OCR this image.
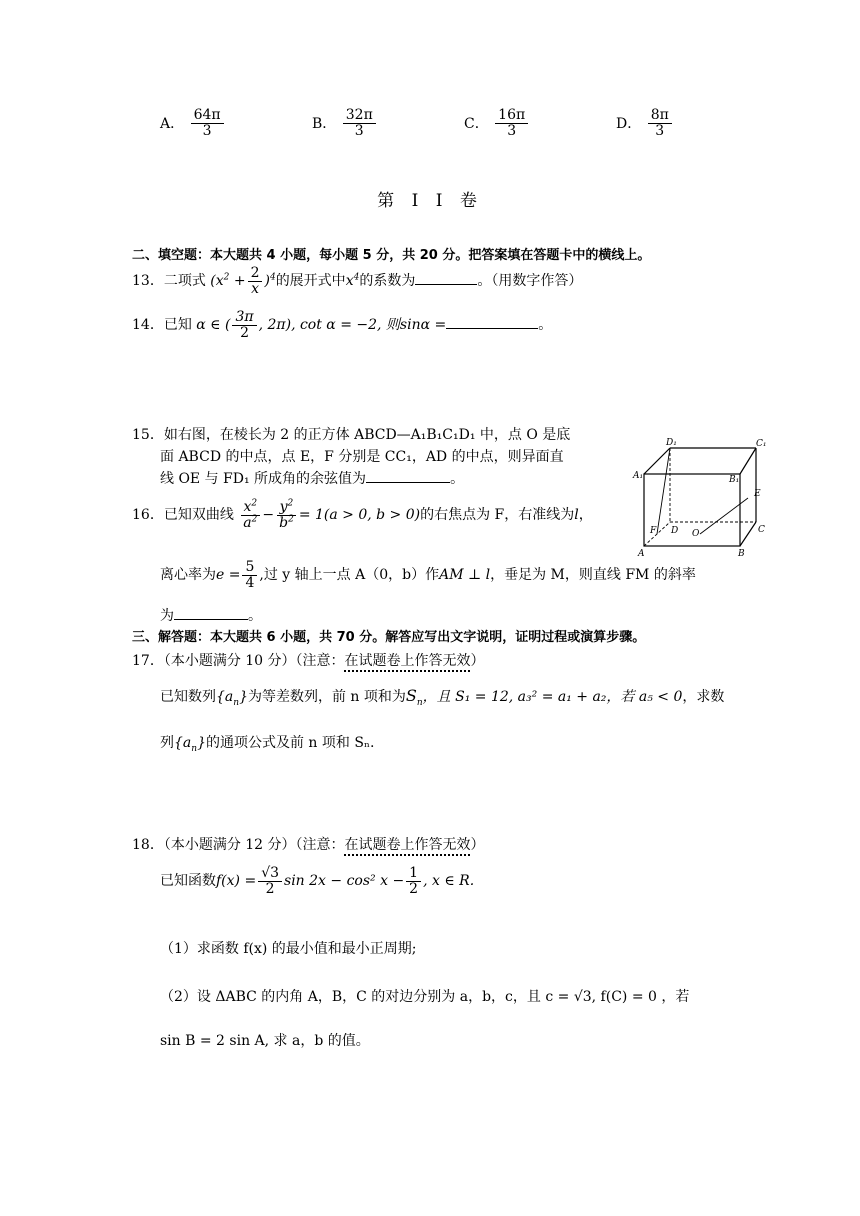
A． $\frac{64\pi}{3}$	B． $\frac{32\pi}{3}$	C． $\frac{16\pi}{3}$	D． $\frac{8\pi}{3}$
第 I I 卷
二、填空题：本大题共 4 小题，每小题 5 分，共 20 分。把答案填在答题卡中的横线上。
13．二项式 $(x^2 + \frac{2}{x} )^4$的展开式中$x^4$的系数为	。（用数字作答）
14．已知 α ∈ ( $\frac{3\pi}{2}$ , 2π), cot α = −2, 则sinα =	。
15．如右图，在棱长为 2 的正方体 ABCD—A₁B₁C₁D₁ 中，点 O 是底
面 ABCD 的中点，点 E，F 分别是 CC₁，AD 的中点，则异面直
线 OE 与 FD₁ 所成角的余弦值为	。
D₁	C₁
A₁	B₁
E
F D O	C
A	B
16．已知双曲线 $\frac{x^2}{a^2} - \frac{y^2}{b^2} = 1(a > 0$, b > 0)的右焦点为 F，右准线为l，
离心率为$e = \frac{5}{4}$ ,过 y 轴上一点 A（0，b）作AM ⊥ l，垂足为 M，则直线 FM 的斜率
为	。
三、解答题：本大题共 6 小题，共 70 分。解答应写出文字说明，证明过程或演算步骤。
17．（本小题满分 10 分）（注意：在试题卷上作答无效）
已知数列$\{a_n\}$为等差数列，前 n 项和为$S_n$，且 S₁ = 12, a₃² = a₁ + a₂，若 a₅ < 0，求数
列$\{a_n\}$的通项公式及前 n 项和 Sₙ.
18．（本小题满分 12 分）（注意：在试题卷上作答无效）
已知函数$f(x) = \frac{√3}{2}$ sin 2x − cos² $x - \frac{1}{2}$ , x ∈ R.
（1）求函数 f(x) 的最小值和最小正周期;
（2）设 ΔABC 的内角 A，B，C 的对边分别为 a，b，c，且 c = √3, f(C) = 0 ，若
sin B = 2 sin A, 求 a，b 的值。
